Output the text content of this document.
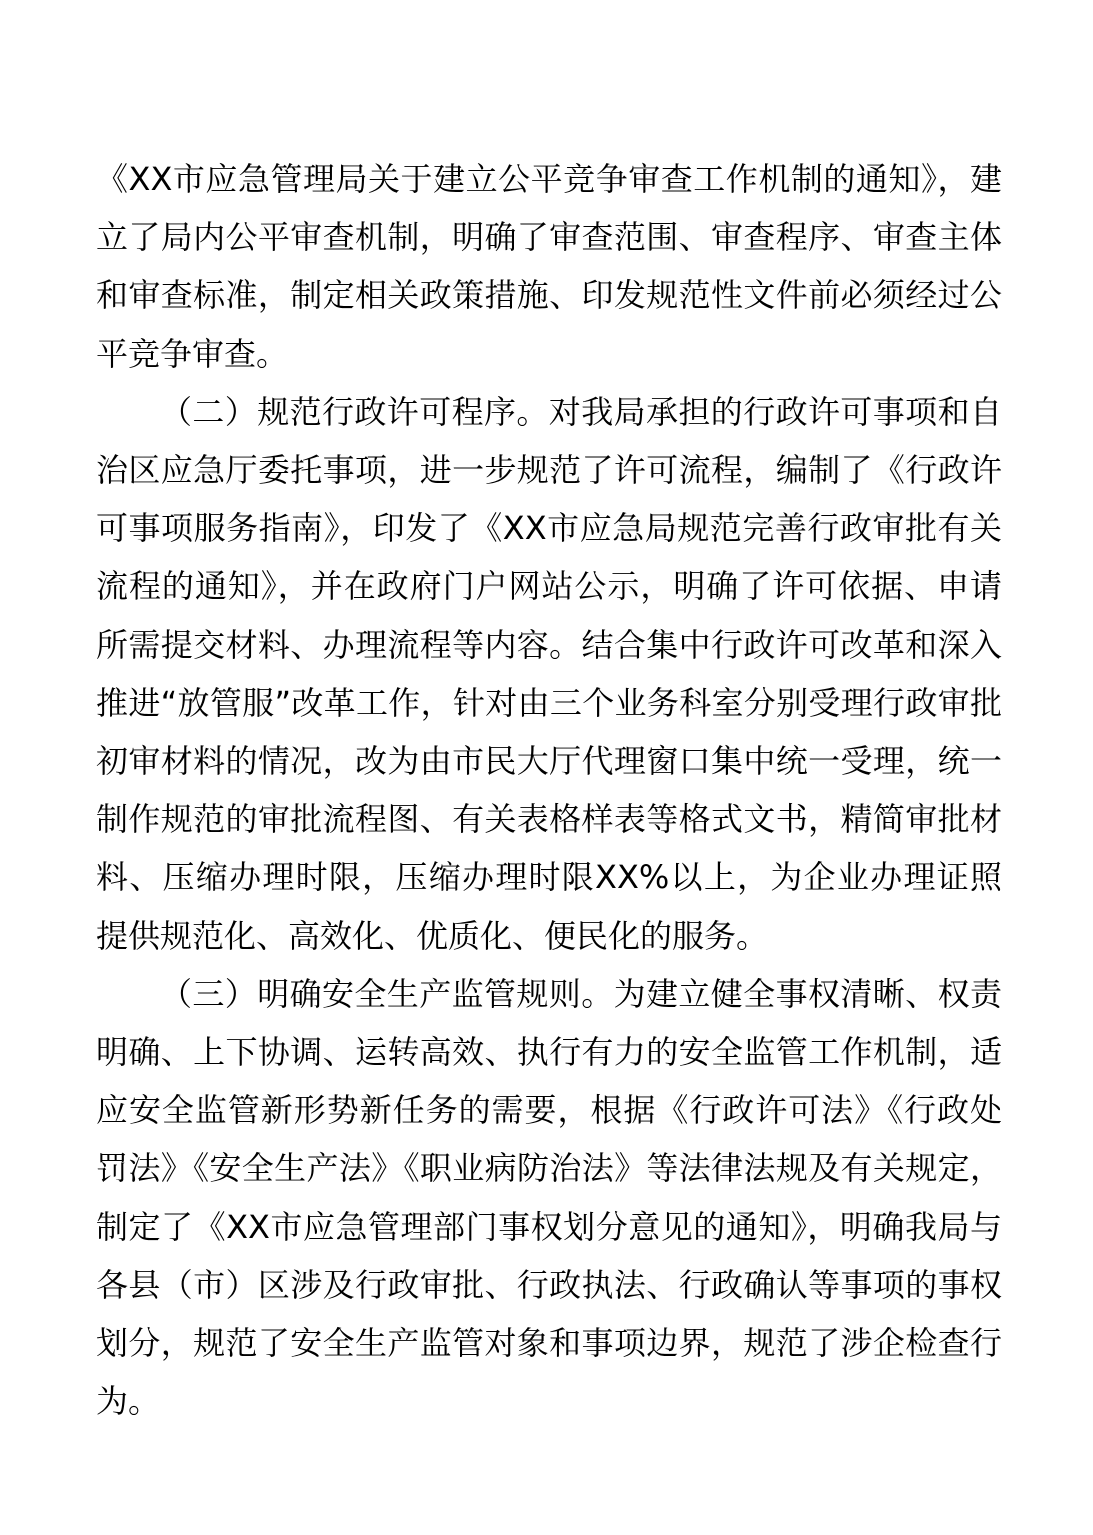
《XX市应急管理局关于建立公平竞争审查工作机制的通知》，建立了局内公平审查机制，明确了审查范围、审查程序、审查主体和审查标准，制定相关政策措施、印发规范性文件前必须经过公平竞争审查。

（二）规范行政许可程序。对我局承担的行政许可事项和自治区应急厅委托事项，进一步规范了许可流程，编制了《行政许可事项服务指南》，印发了《XX市应急局规范完善行政审批有关流程的通知》，并在政府门户网站公示，明确了许可依据、申请所需提交材料、办理流程等内容。结合集中行政许可改革和深入推进“放管服”改革工作，针对由三个业务科室分别受理行政审批初审材料的情况，改为由市民大厅代理窗口集中统一受理，统一制作规范的审批流程图、有关表格样表等格式文书，精简审批材料、压缩办理时限，压缩办理时限XX%以上，为企业办理证照提供规范化、高效化、优质化、便民化的服务。

（三）明确安全生产监管规则。为建立健全事权清晰、权责明确、上下协调、运转高效、执行有力的安全监管工作机制，适应安全监管新形势新任务的需要，根据《行政许可法》《行政处罚法》《安全生产法》《职业病防治法》等法律法规及有关规定，制定了《XX市应急管理部门事权划分意见的通知》，明确我局与各县（市）区涉及行政审批、行政执法、行政确认等事项的事权划分，规范了安全生产监管对象和事项边界，规范了涉企检查行为。
